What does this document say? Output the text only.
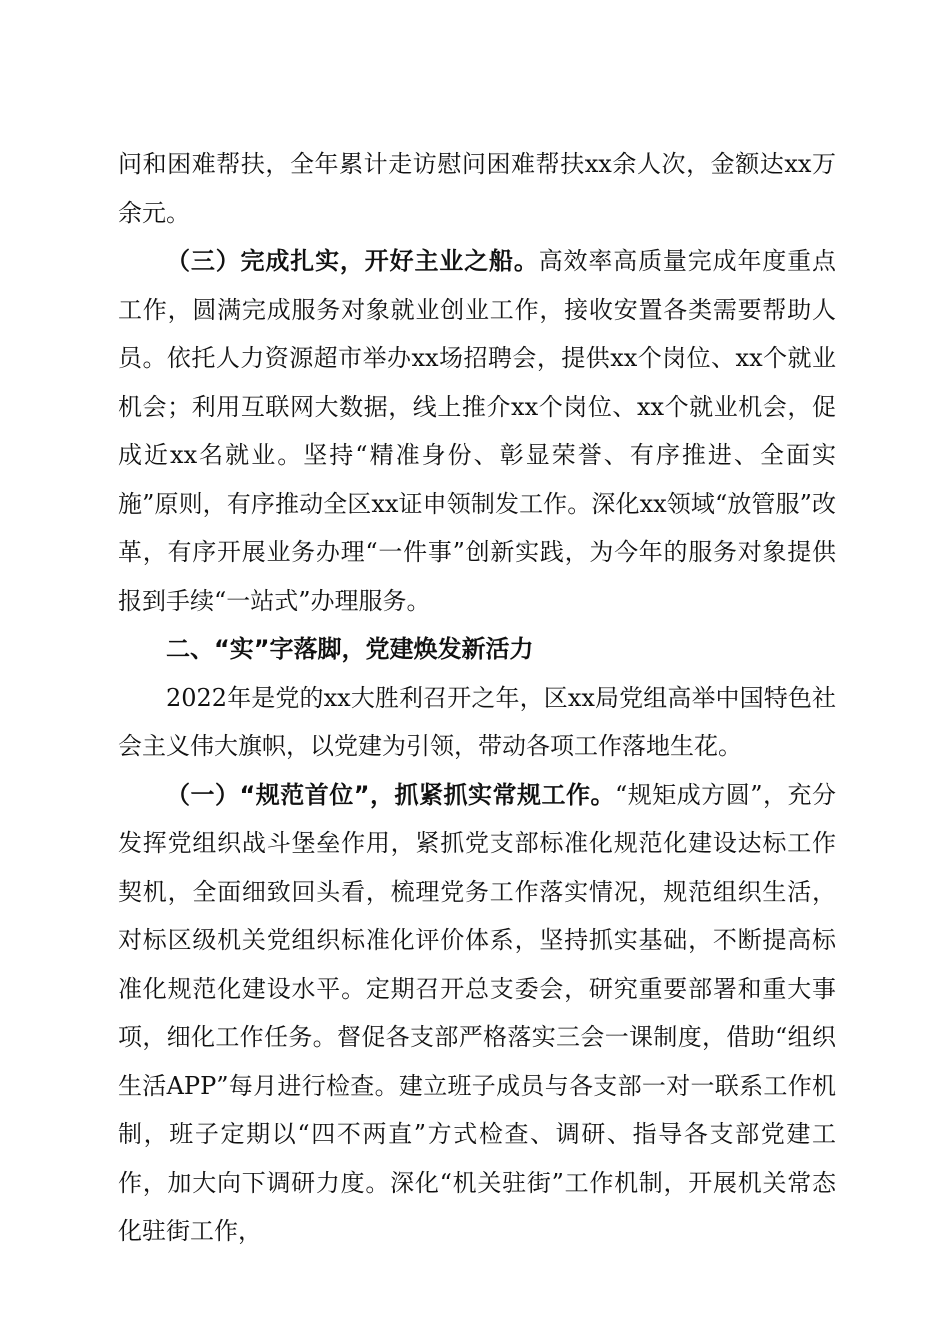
问和困难帮扶，全年累计走访慰问困难帮扶xx余人次，金额达xx万余元。

（三）完成扎实，开好主业之船。高效率高质量完成年度重点工作，圆满完成服务对象就业创业工作，接收安置各类需要帮助人员。依托人力资源超市举办xx场招聘会，提供xx个岗位、xx个就业机会；利用互联网大数据，线上推介xx个岗位、xx个就业机会，促成近xx名就业。坚持“精准身份、彰显荣誉、有序推进、全面实施”原则，有序推动全区xx证申领制发工作。深化xx领域“放管服”改革，有序开展业务办理“一件事”创新实践，为今年的服务对象提供报到手续“一站式”办理服务。

二、“实”字落脚，党建焕发新活力

2022年是党的xx大胜利召开之年，区xx局党组高举中国特色社会主义伟大旗帜，以党建为引领，带动各项工作落地生花。

（一）“规范首位”，抓紧抓实常规工作。“规矩成方圆”，充分发挥党组织战斗堡垒作用，紧抓党支部标准化规范化建设达标工作契机，全面细致回头看，梳理党务工作落实情况，规范组织生活，对标区级机关党组织标准化评价体系，坚持抓实基础，不断提高标准化规范化建设水平。定期召开总支委会，研究重要部署和重大事项，细化工作任务。督促各支部严格落实三会一课制度，借助“组织生活APP”每月进行检查。建立班子成员与各支部一对一联系工作机制，班子定期以“四不两直”方式检查、调研、指导各支部党建工作，加大向下调研力度。深化“机关驻街”工作机制，开展机关常态化驻街工作，
